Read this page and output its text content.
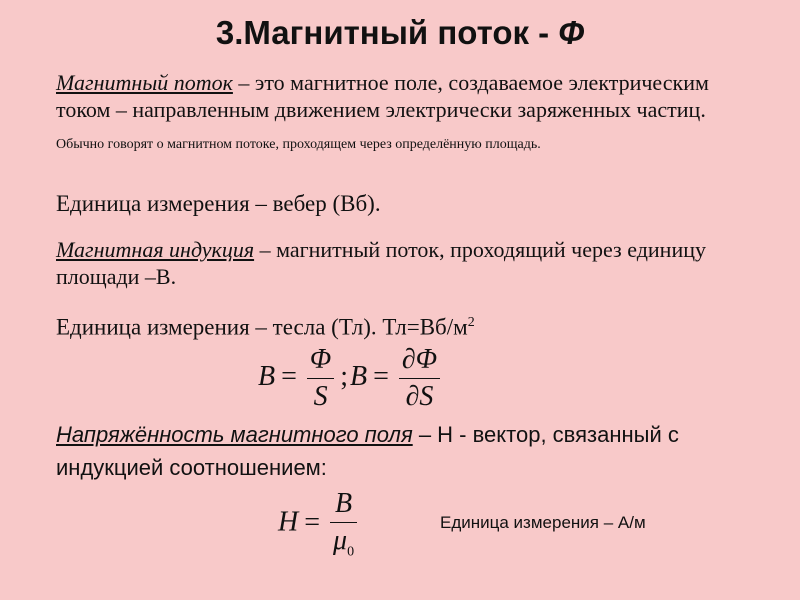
3.Магнитный поток - Ф
Магнитный поток – это магнитное поле, создаваемое электрическим током – направленным движением электрически заряженных частиц. Обычно говорят о магнитном потоке, проходящем через определённую площадь.
Единица измерения – вебер (Вб).
Магнитная индукция – магнитный поток, проходящий через единицу площади –В.
Единица измерения – тесла (Тл). $Тл=Вб/м^2$
$B = \frac{\Phi}{S}$ ;B = $\frac{\partial\Phi}{\partial S}$
Напряжённость магнитного поля – Н - вектор, связанный с индукцией соотношением:
$H = \frac{B}{\mu_0}$	Единица измерения – А/м
